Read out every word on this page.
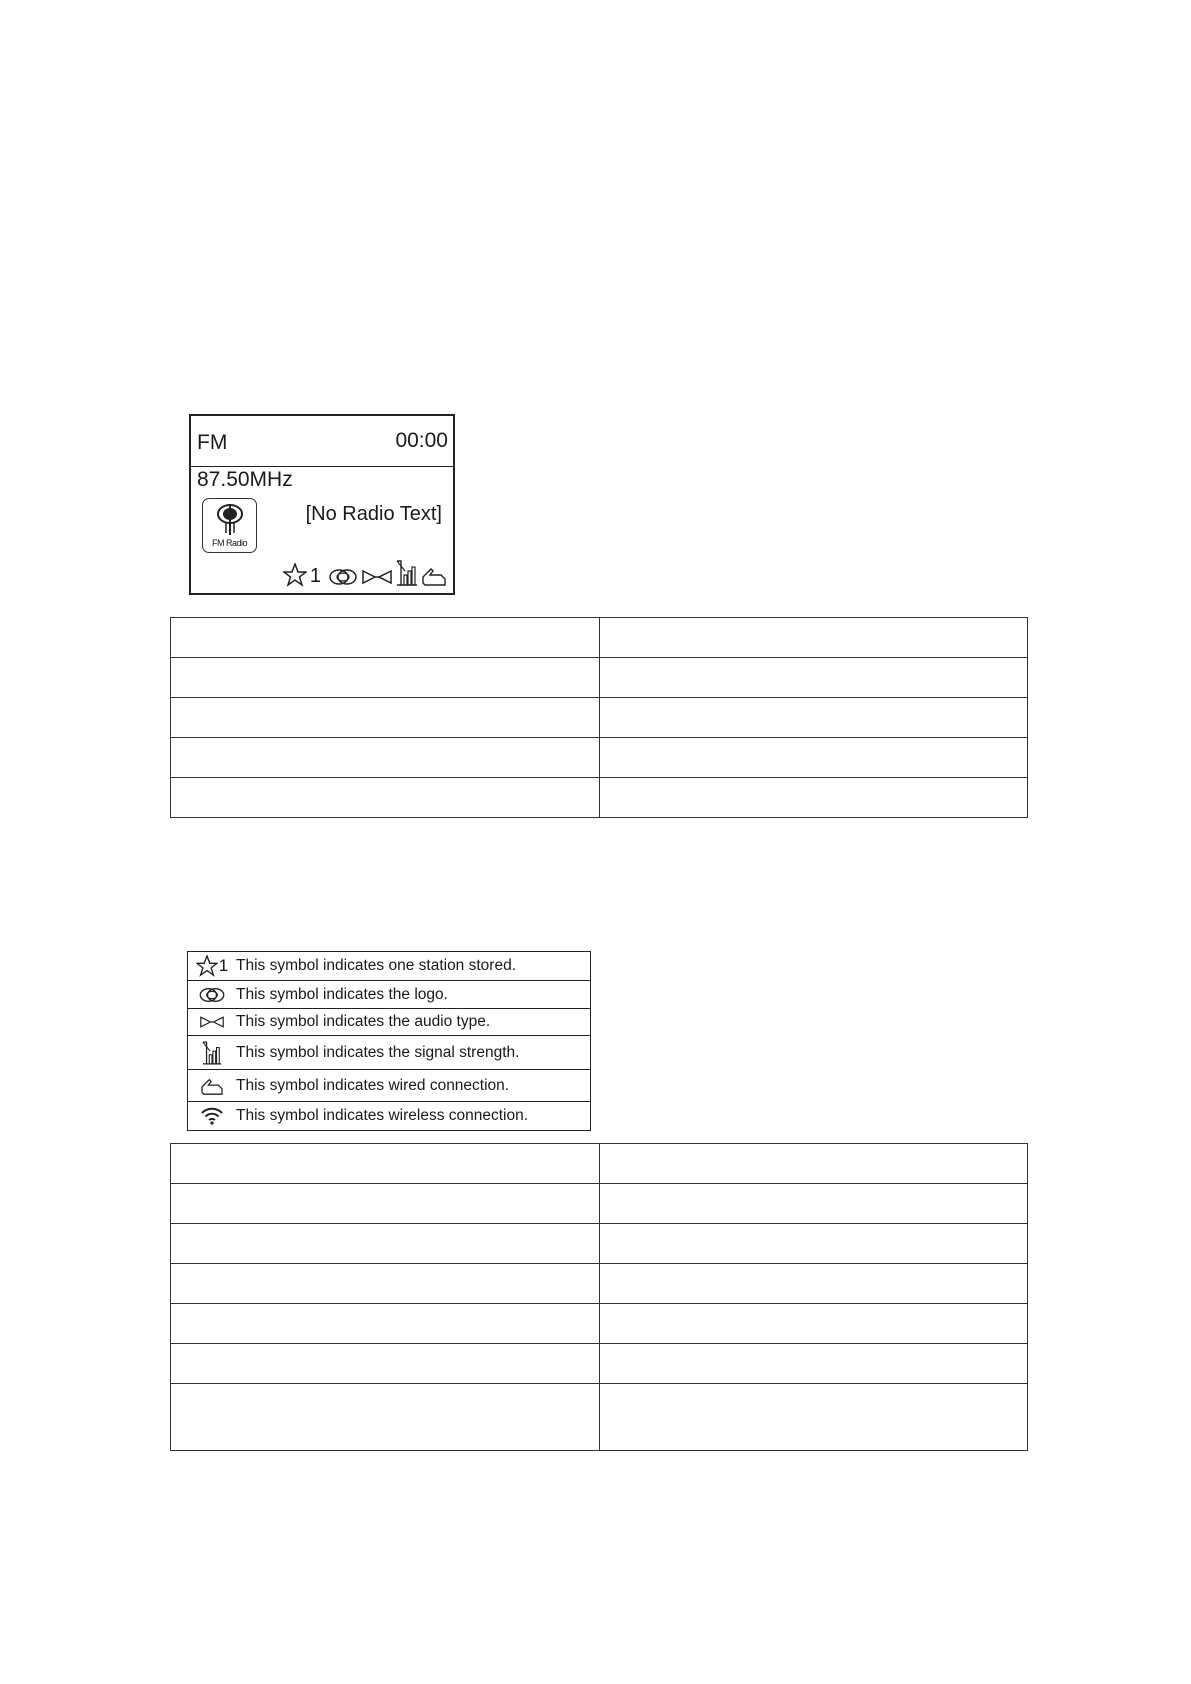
FM	00:00
87.50MHz
FM Radio
[No Radio Text]
1

1 This symbol indicates one station stored.
This symbol indicates the logo.
This symbol indicates the audio type.
This symbol indicates the signal strength.
This symbol indicates wired connection.
This symbol indicates wireless connection.
